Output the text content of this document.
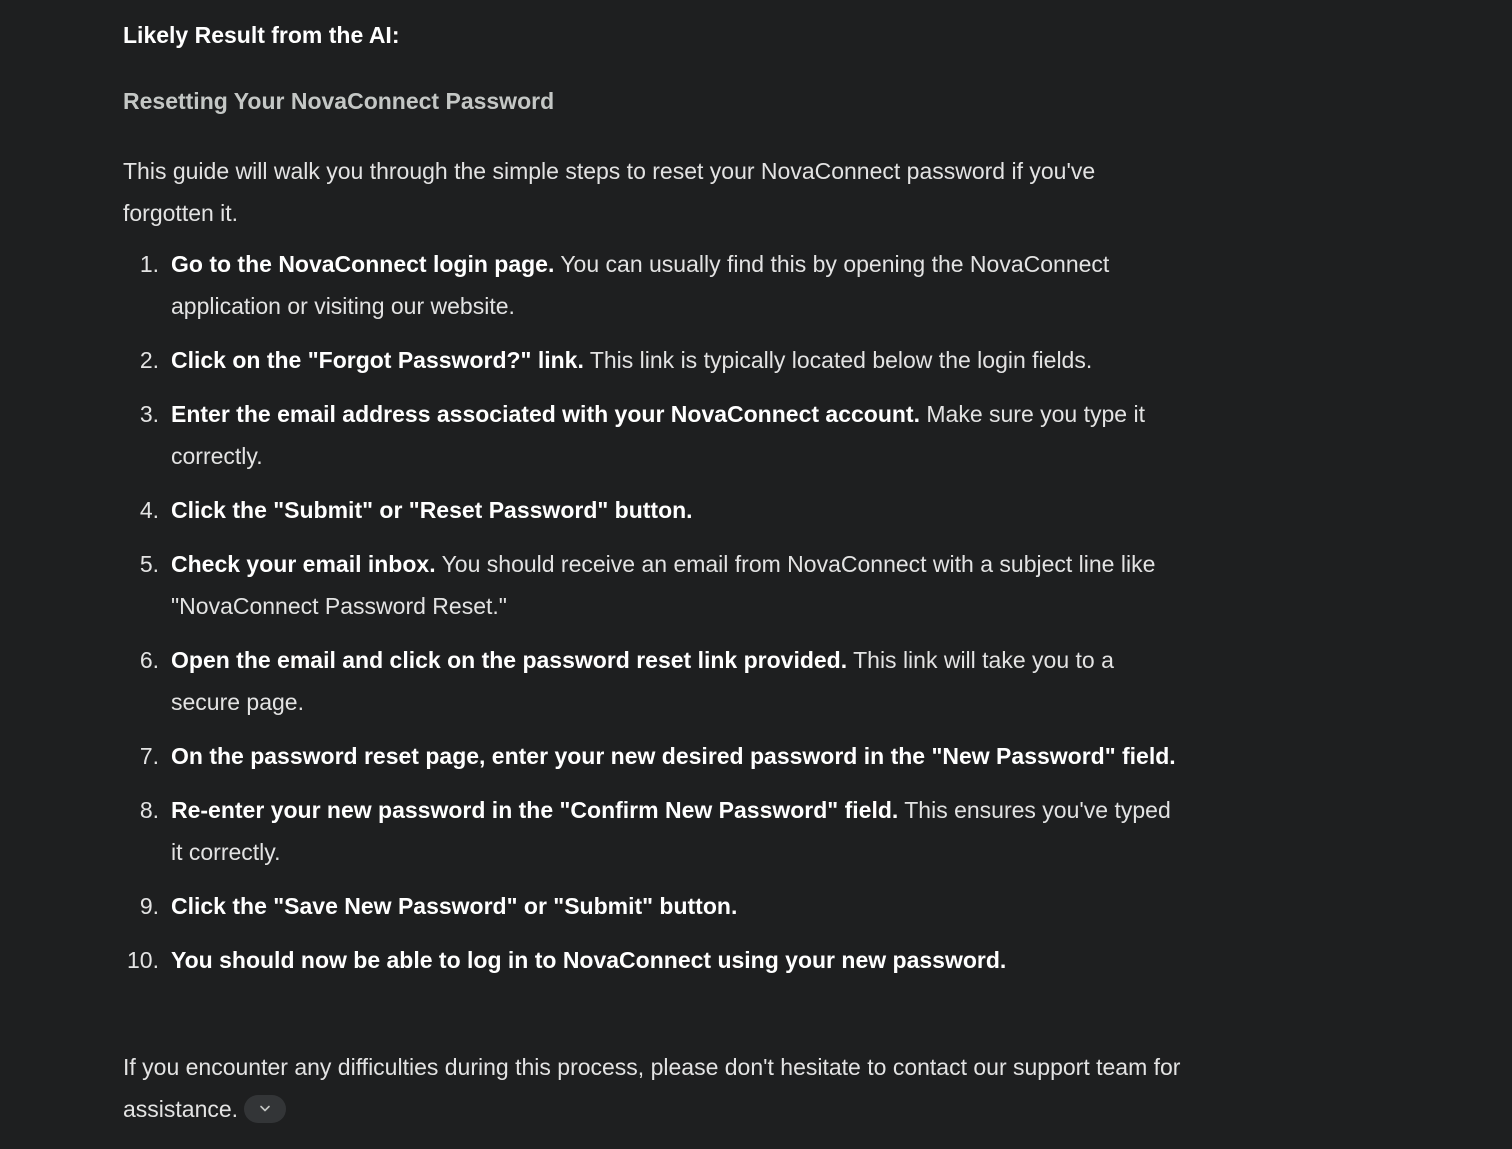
Likely Result from the AI:
Resetting Your NovaConnect Password

This guide will walk you through the simple steps to reset your NovaConnect password if you've forgotten it.

1. Go to the NovaConnect login page. You can usually find this by opening the NovaConnect application or visiting our website.
2. Click on the "Forgot Password?" link. This link is typically located below the login fields.
3. Enter the email address associated with your NovaConnect account. Make sure you type it correctly.
4. Click the "Submit" or "Reset Password" button.
5. Check your email inbox. You should receive an email from NovaConnect with a subject line like "NovaConnect Password Reset."
6. Open the email and click on the password reset link provided. This link will take you to a secure page.
7. On the password reset page, enter your new desired password in the "New Password" field.
8. Re-enter your new password in the "Confirm New Password" field. This ensures you've typed it correctly.
9. Click the "Save New Password" or "Submit" button.
10. You should now be able to log in to NovaConnect using your new password.

If you encounter any difficulties during this process, please don't hesitate to contact our support team for assistance.
